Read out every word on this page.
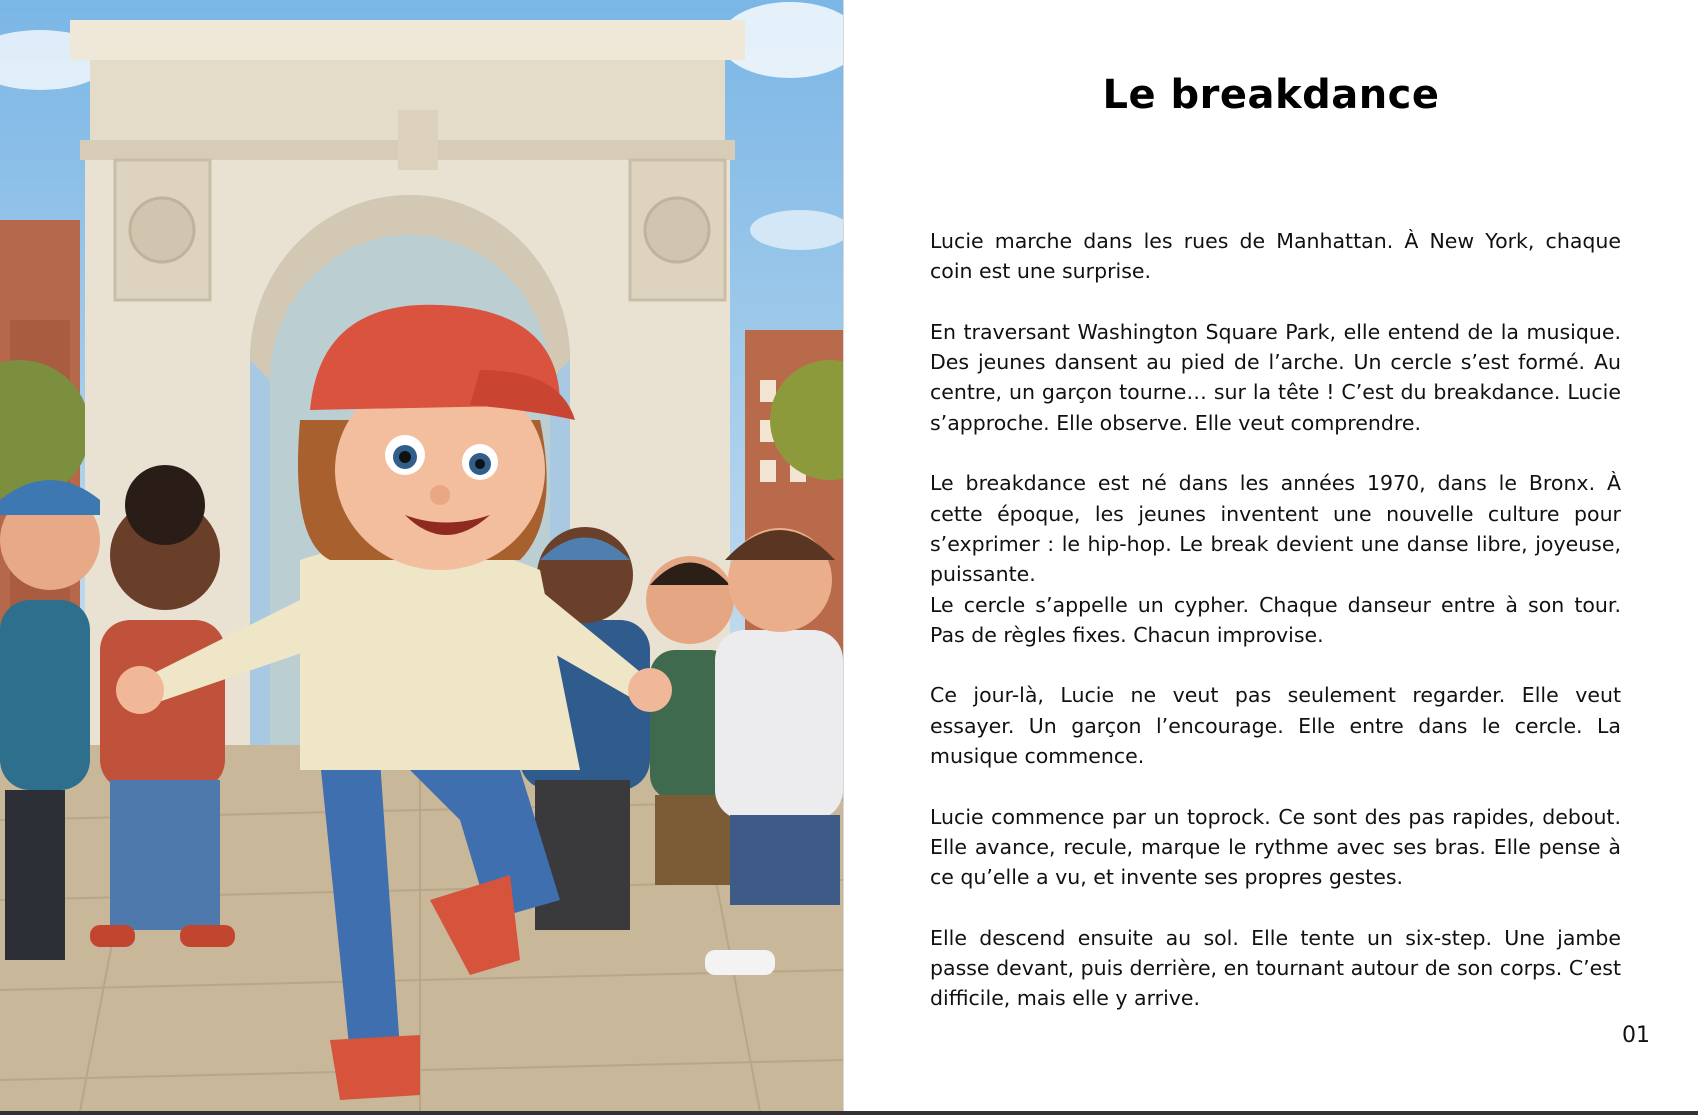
Le breakdance

Lucie marche dans les rues de Manhattan. À New York, chaque coin est une surprise.

En traversant Washington Square Park, elle entend de la musique. Des jeunes dansent au pied de l’arche. Un cercle s’est formé. Au centre, un garçon tourne… sur la tête ! C’est du breakdance. Lucie s’approche. Elle observe. Elle veut comprendre.

Le breakdance est né dans les années 1970, dans le Bronx. À cette époque, les jeunes inventent une nouvelle culture pour s’exprimer : le hip-hop. Le break devient une danse libre, joyeuse, puissante.
Le cercle s’appelle un cypher. Chaque danseur entre à son tour. Pas de règles fixes. Chacun improvise.

Ce jour-là, Lucie ne veut pas seulement regarder. Elle veut essayer. Un garçon l’encourage. Elle entre dans le cercle. La musique commence.

Lucie commence par un toprock. Ce sont des pas rapides, debout. Elle avance, recule, marque le rythme avec ses bras. Elle pense à ce qu’elle a vu, et invente ses propres gestes.

Elle descend ensuite au sol. Elle tente un six-step. Une jambe passe devant, puis derrière, en tournant autour de son corps. C’est difficile, mais elle y arrive.

01
